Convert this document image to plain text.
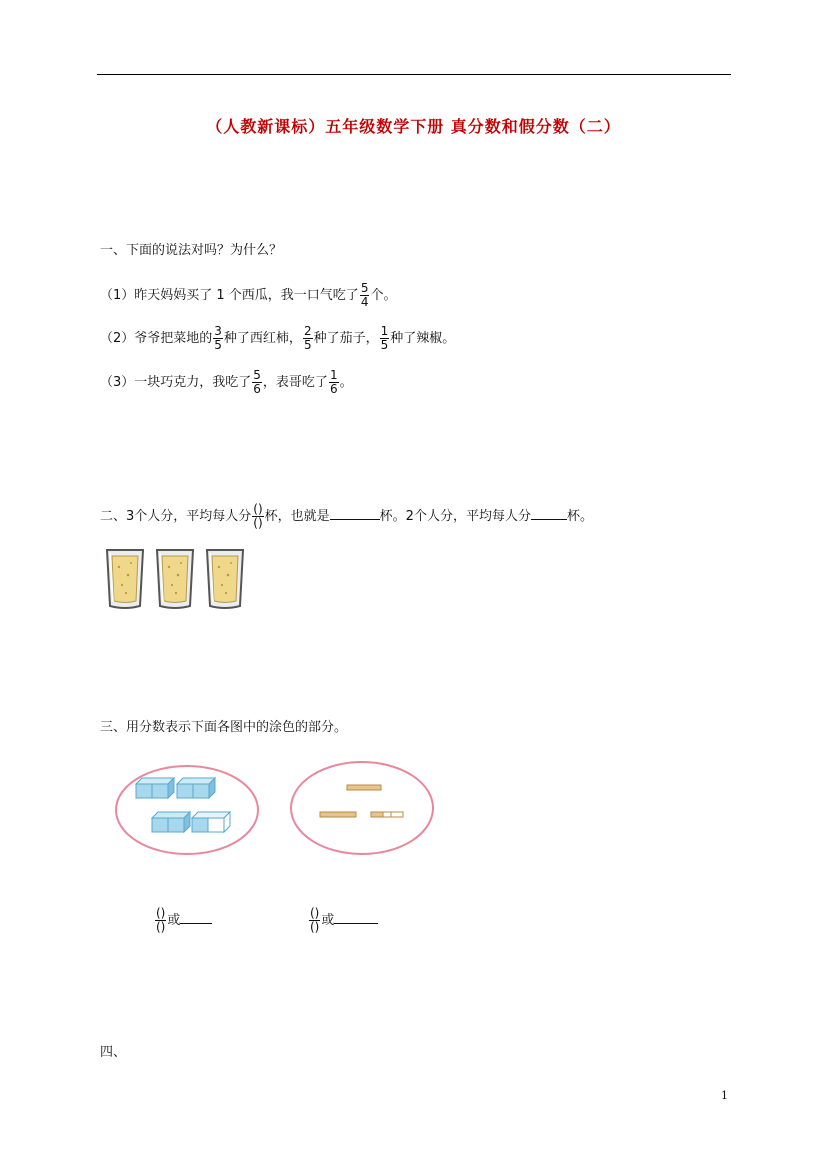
（人教新课标）五年级数学下册 真分数和假分数（二）
一、下面的说法对吗？为什么？
（1）昨天妈妈买了 1 个西瓜，我一口气吃了 $\frac{5}{4}$ 个。
（2）爷爷把菜地的 $\frac{3}{5}$ 种了西红柿， $\frac{2}{5}$ 种了茄子， $\frac{1}{5}$ 种了辣椒。
（3）一块巧克力，我吃了 $\frac{5}{6}$ ，表哥吃了 $\frac{1}{6}$ 。
二、3个人分，平均每人分 $\frac{()}{()}$ 杯，也就是	杯。2个人分，平均每人分	杯。
三、用分数表示下面各图中的涂色的部分。
$\frac{()}{()}$ 或	$\frac{()}{()}$ 或
四、
1
